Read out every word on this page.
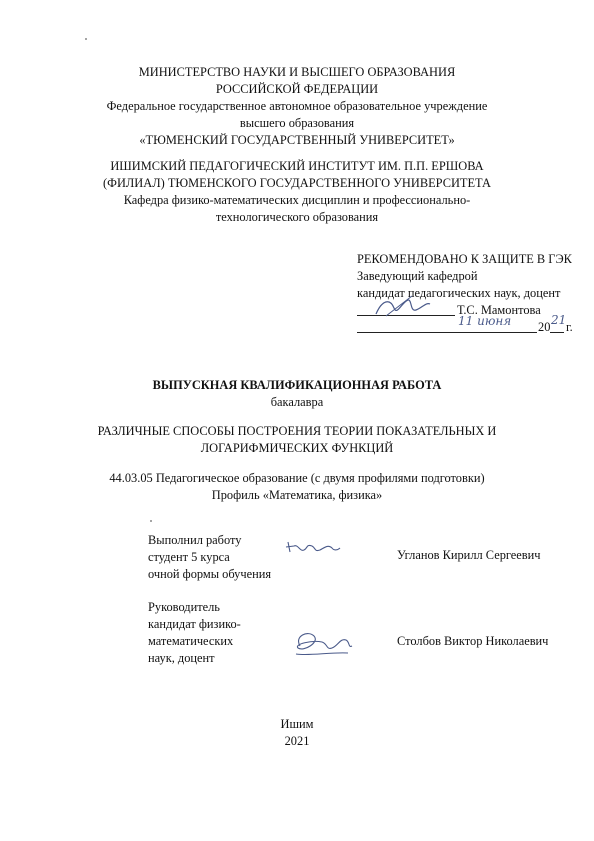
МИНИСТЕРСТВО НАУКИ И ВЫСШЕГО ОБРАЗОВАНИЯ
РОССИЙСКОЙ ФЕДЕРАЦИИ
Федеральное государственное автономное образовательное учреждение
высшего образования
«ТЮМЕНСКИЙ ГОСУДАРСТВЕННЫЙ УНИВЕРСИТЕТ»
ИШИМСКИЙ ПЕДАГОГИЧЕСКИЙ ИНСТИТУТ ИМ. П.П. ЕРШОВА
(ФИЛИАЛ) ТЮМЕНСКОГО ГОСУДАРСТВЕННОГО УНИВЕРСИТЕТА
Кафедра физико-математических дисциплин и профессионально-
технологического образования
РЕКОМЕНДОВАНО К ЗАЩИТЕ В ГЭК
Заведующий кафедрой
кандидат педагогических наук, доцент
Т.С. Мамонтова
11 июня 20 21 г.
ВЫПУСКНАЯ КВАЛИФИКАЦИОННАЯ РАБОТА
бакалавра
РАЗЛИЧНЫЕ СПОСОБЫ ПОСТРОЕНИЯ ТЕОРИИ ПОКАЗАТЕЛЬНЫХ И
ЛОГАРИФМИЧЕСКИХ ФУНКЦИЙ
44.03.05 Педагогическое образование (с двумя профилями подготовки)
Профиль «Математика, физика»
Выполнил работу
студент 5 курса
очной формы обучения
Угланов Кирилл Сергеевич
Руководитель
кандидат физико-
математических
наук, доцент
Столбов Виктор Николаевич
Ишим
2021
